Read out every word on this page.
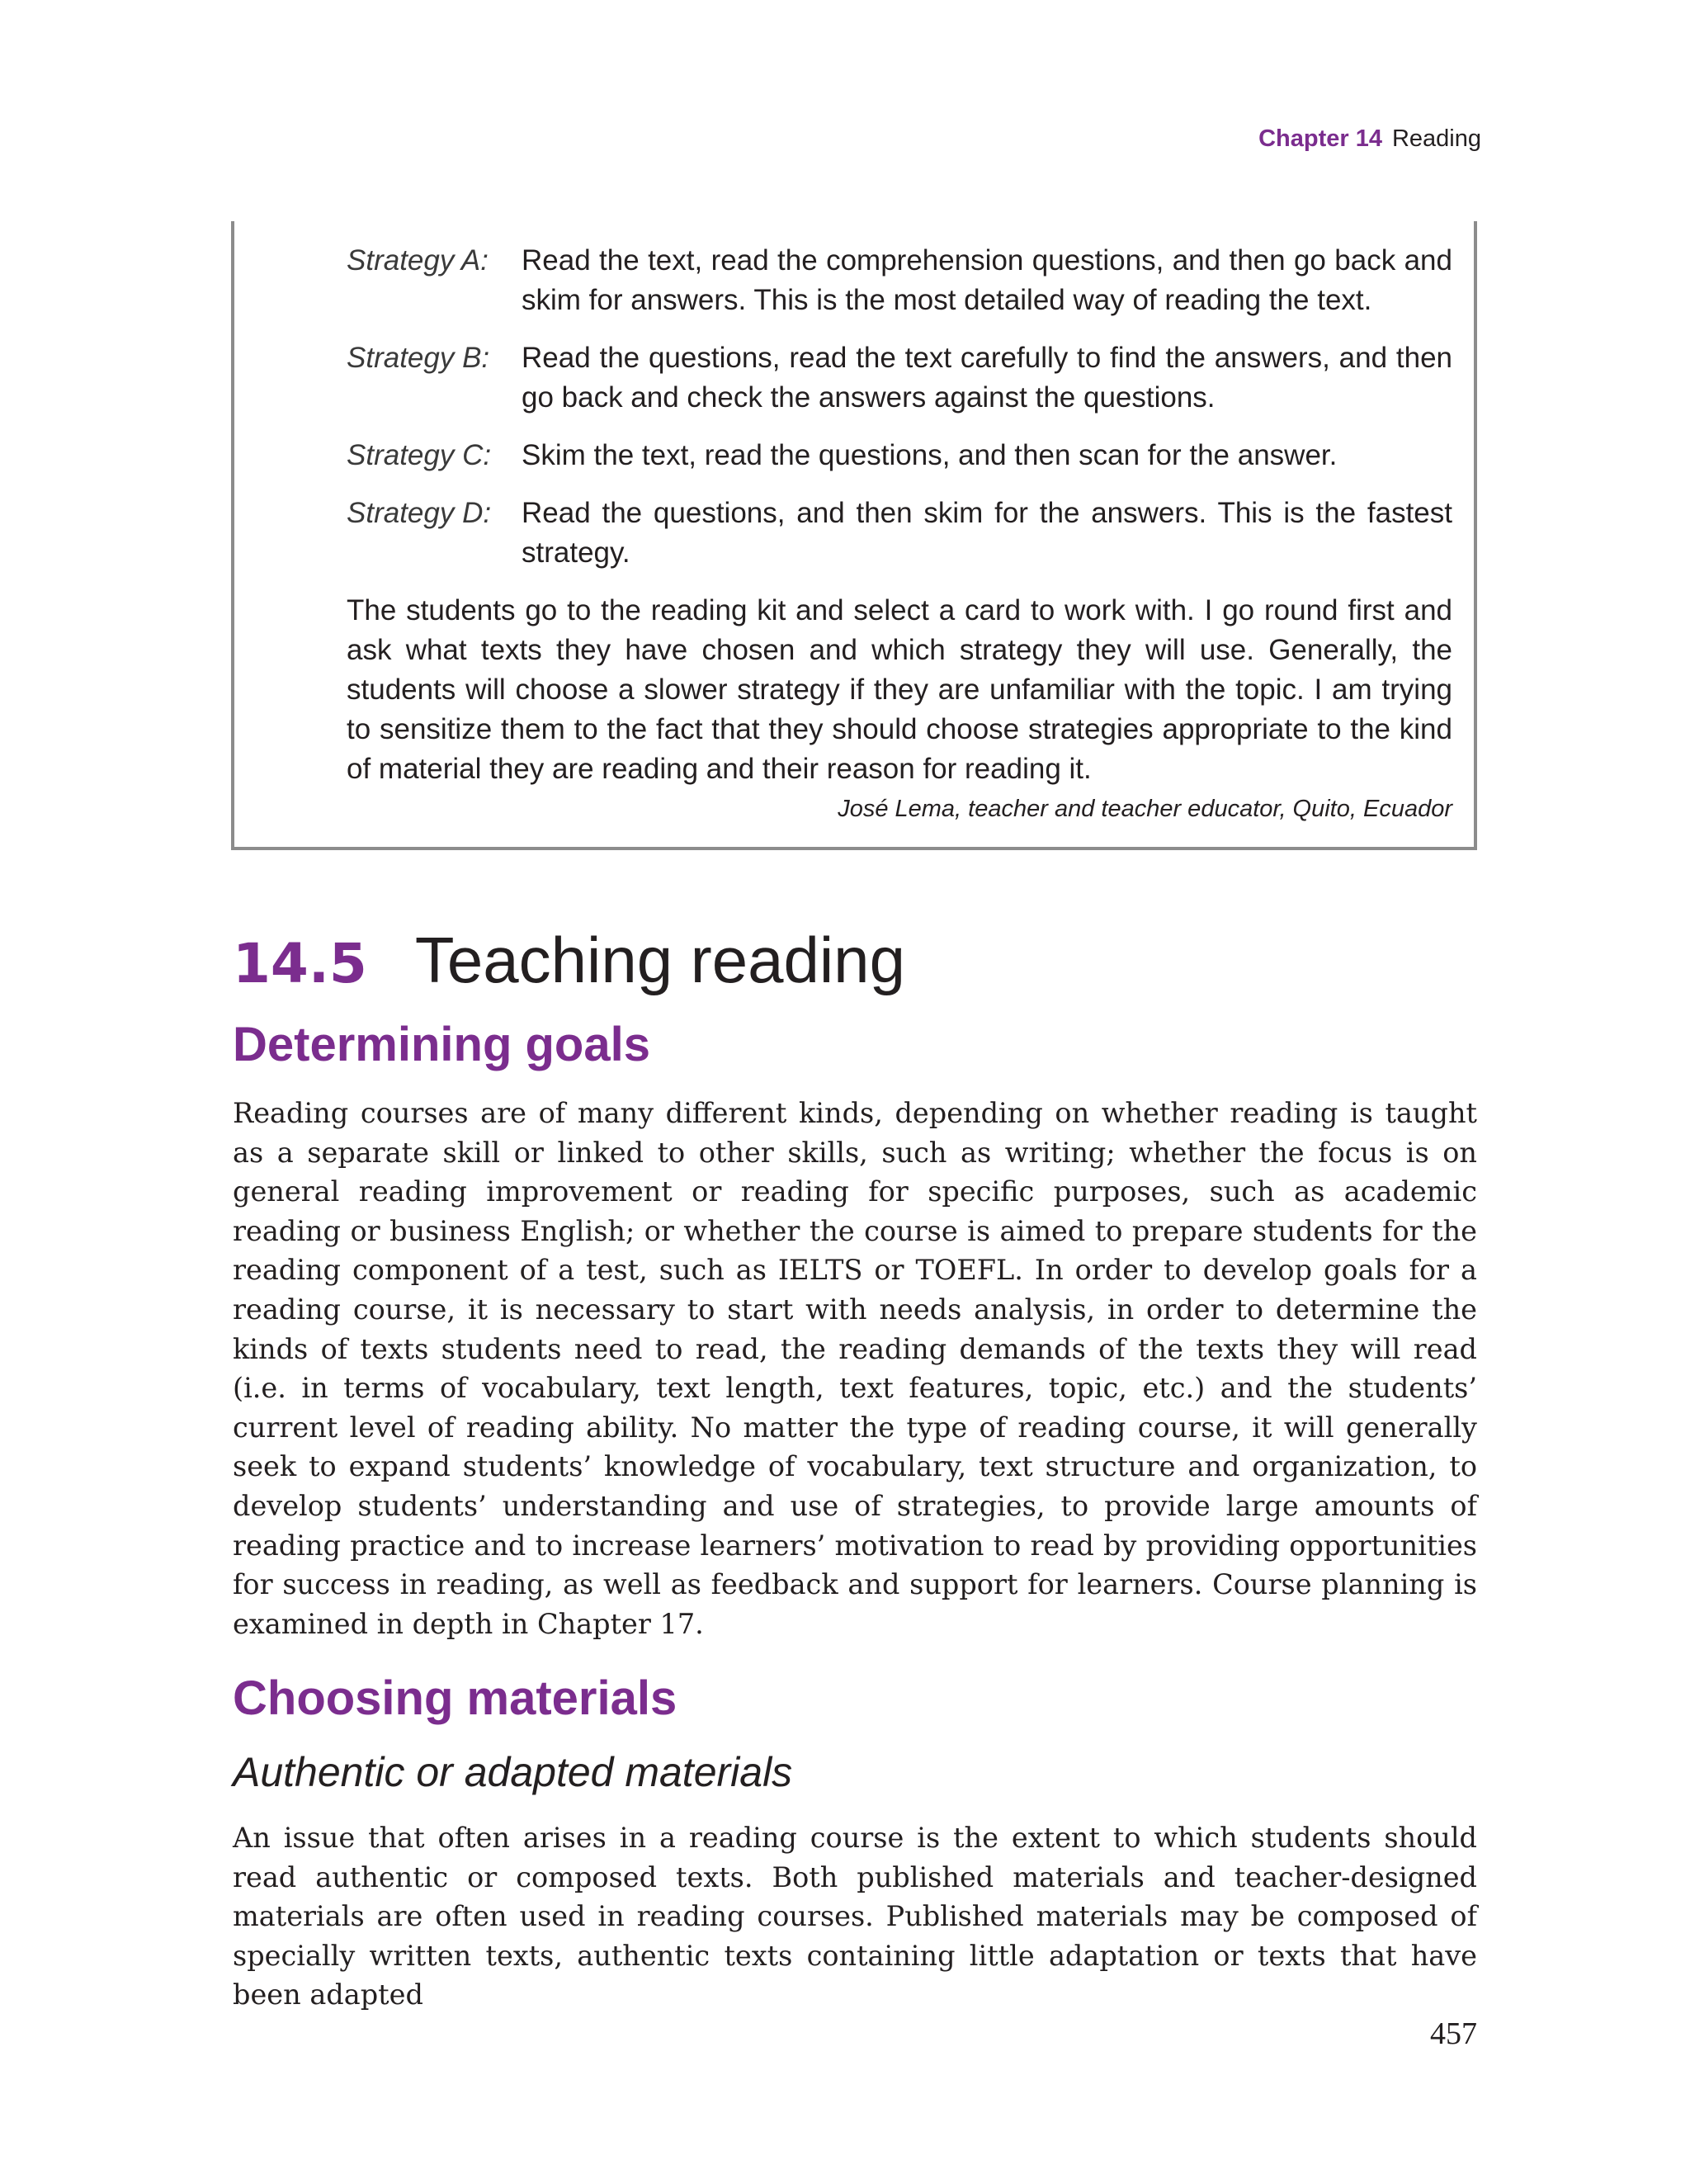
Chapter 14 Reading
Strategy A:	Read the text, read the comprehension questions, and then go back and skim for answers. This is the most detailed way of reading the text.
Strategy B:	Read the questions, read the text carefully to find the answers, and then go back and check the answers against the questions.
Strategy C:	Skim the text, read the questions, and then scan for the answer.
Strategy D:	Read the questions, and then skim for the answers. This is the fastest strategy.

The students go to the reading kit and select a card to work with. I go round first and ask what texts they have chosen and which strategy they will use. Generally, the students will choose a slower strategy if they are unfamiliar with the topic. I am trying to sensitize them to the fact that they should choose strategies appropriate to the kind of material they are reading and their reason for reading it.

José Lema, teacher and teacher educator, Quito, Ecuador
14.5 Teaching reading
Determining goals

Reading courses are of many different kinds, depending on whether reading is taught as a separate skill or linked to other skills, such as writing; whether the focus is on general reading improvement or reading for specific purposes, such as academic reading or business English; or whether the course is aimed to prepare students for the reading component of a test, such as IELTS or TOEFL. In order to develop goals for a reading course, it is necessary to start with needs analysis, in order to determine the kinds of texts students need to read, the reading demands of the texts they will read (i.e. in terms of vocabulary, text length, text features, topic, etc.) and the students’ current level of reading ability. No matter the type of reading course, it will generally seek to expand students’ knowledge of vocabulary, text structure and organization, to develop students’ understanding and use of strategies, to provide large amounts of reading practice and to increase learners’ motivation to read by providing opportunities for success in reading, as well as feedback and support for learners. Course planning is examined in depth in Chapter 17.

Choosing materials
Authentic or adapted materials

An issue that often arises in a reading course is the extent to which students should read authentic or composed texts. Both published materials and teacher-designed materials are often used in reading courses. Published materials may be composed of specially written texts, authentic texts containing little adaptation or texts that have been adapted

457
